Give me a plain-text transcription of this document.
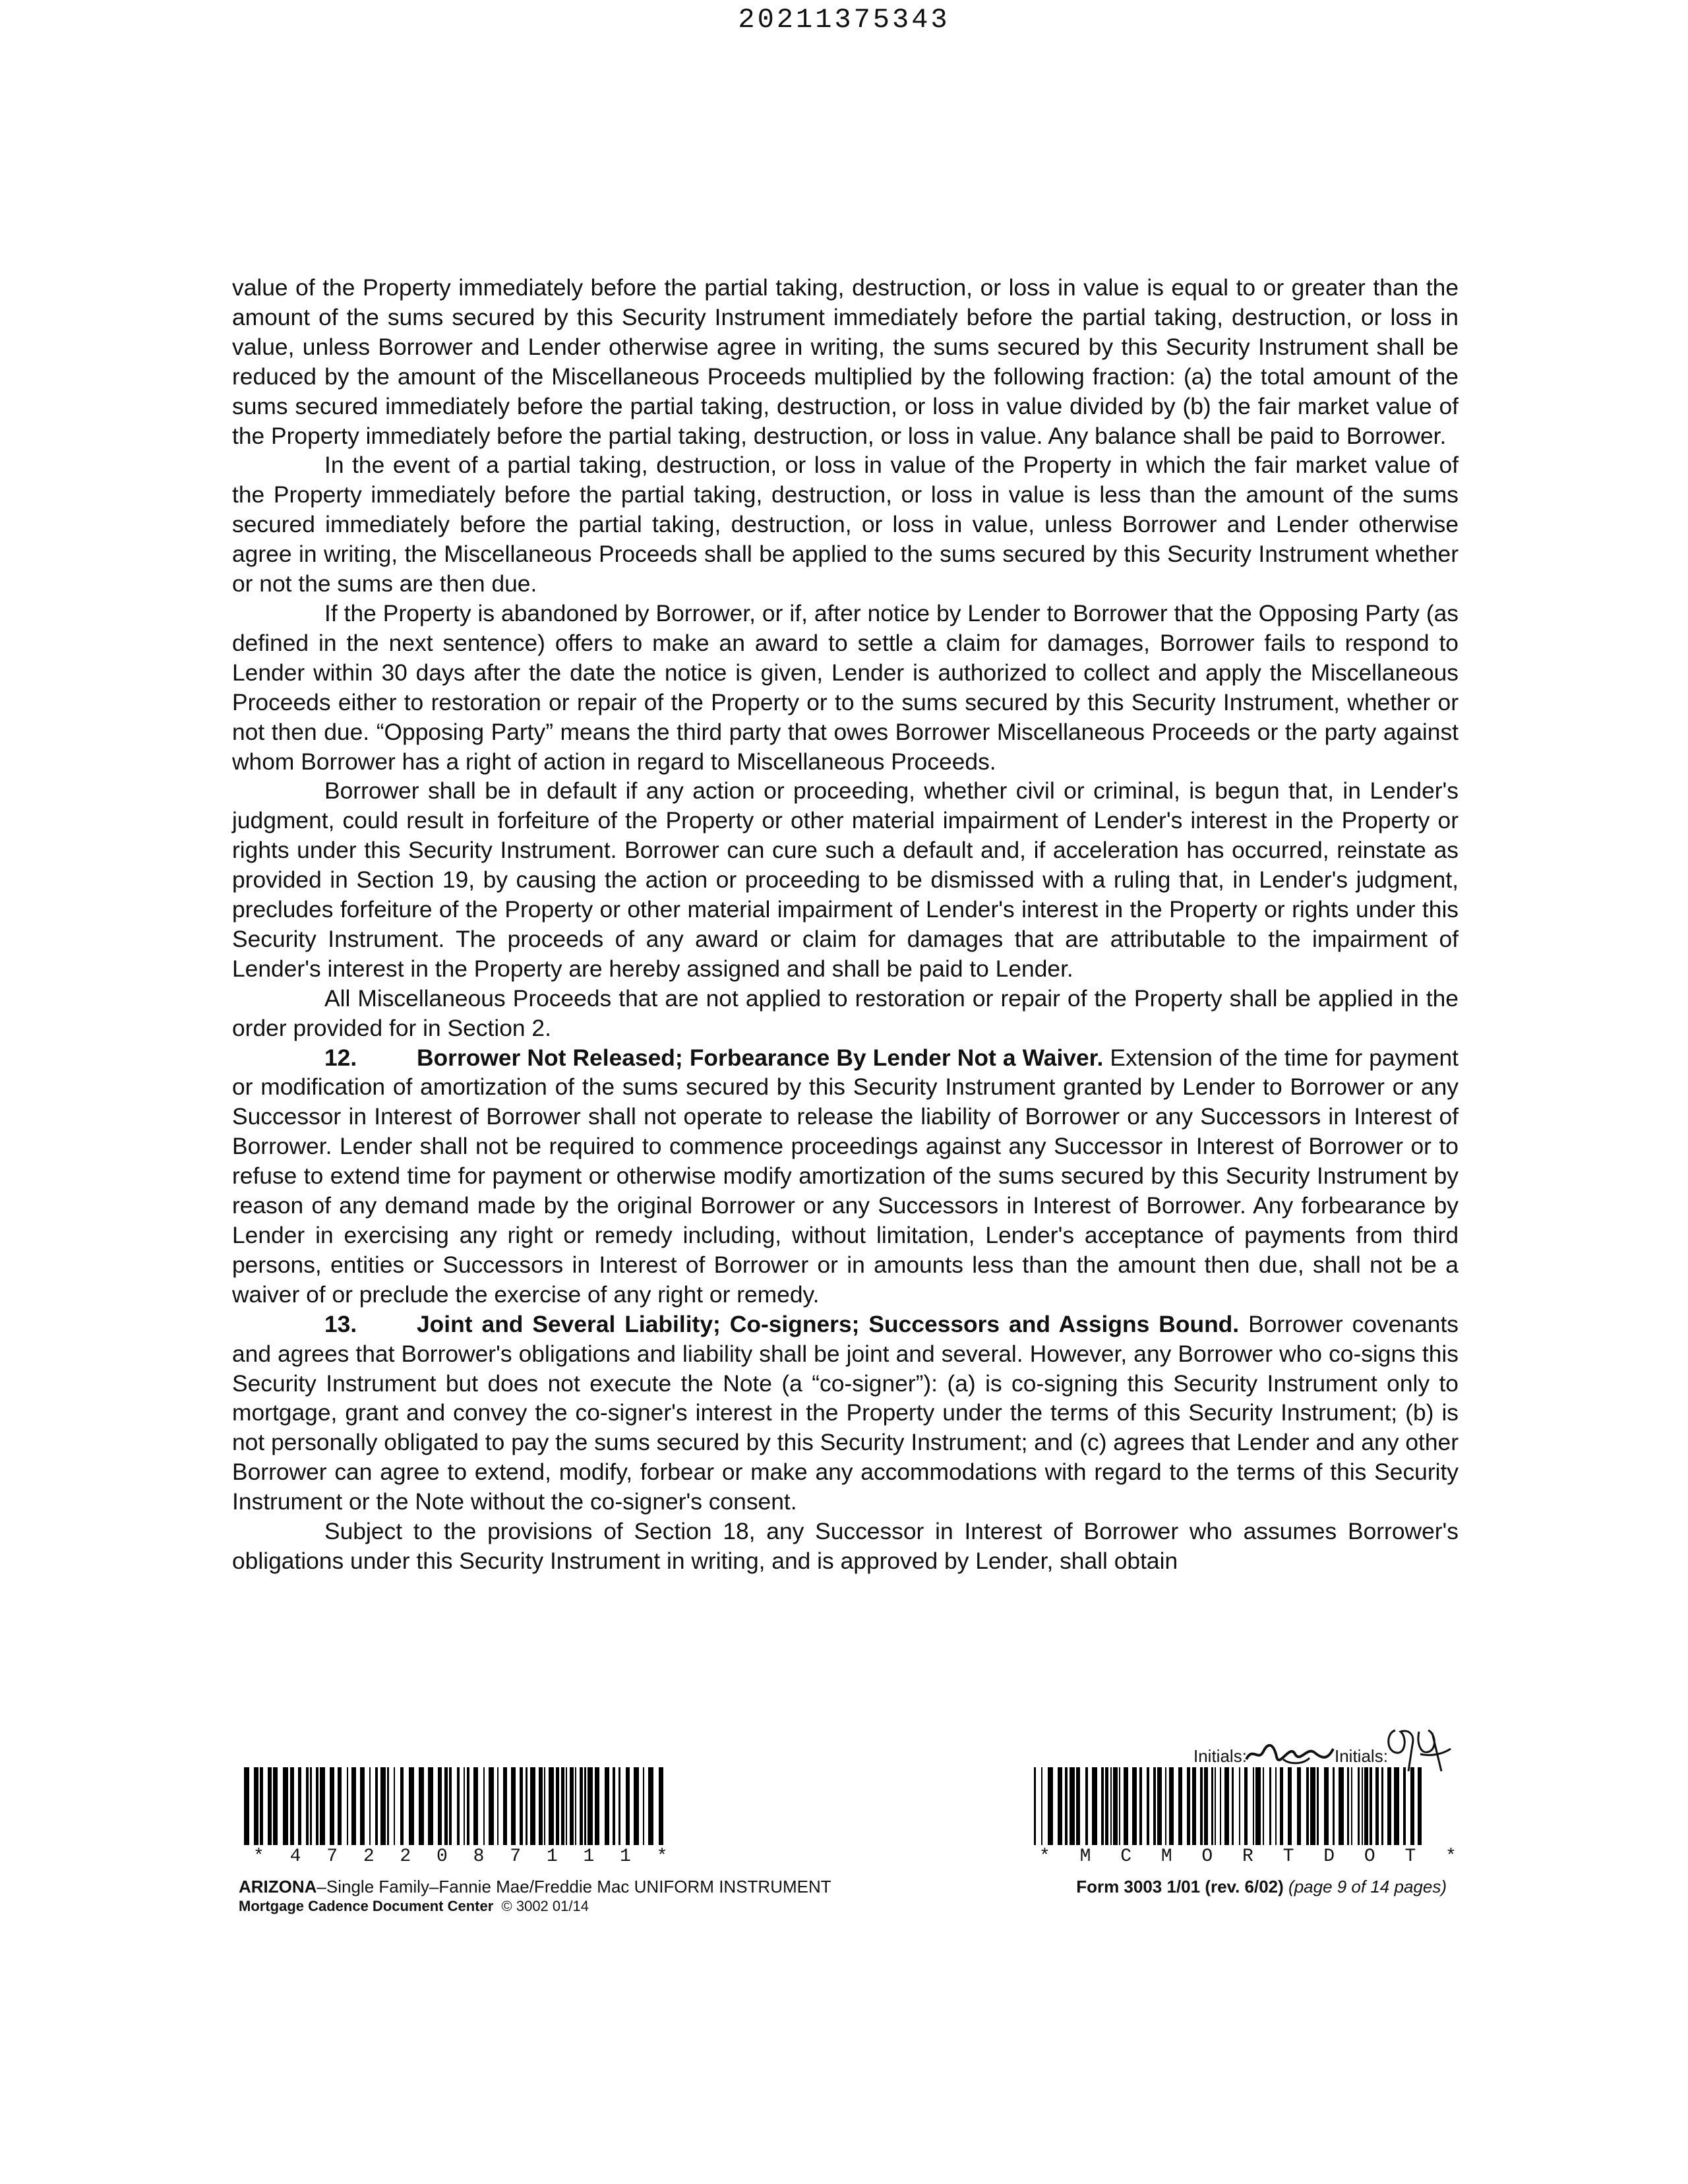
20211375343

value of the Property immediately before the partial taking, destruction, or loss in value is equal to or greater than the amount of the sums secured by this Security Instrument immediately before the partial taking, destruction, or loss in value, unless Borrower and Lender otherwise agree in writing, the sums secured by this Security Instrument shall be reduced by the amount of the Miscellaneous Proceeds multiplied by the following fraction: (a) the total amount of the sums secured immediately before the partial taking, destruction, or loss in value divided by (b) the fair market value of the Property immediately before the partial taking, destruction, or loss in value. Any balance shall be paid to Borrower.

In the event of a partial taking, destruction, or loss in value of the Property in which the fair market value of the Property immediately before the partial taking, destruction, or loss in value is less than the amount of the sums secured immediately before the partial taking, destruction, or loss in value, unless Borrower and Lender otherwise agree in writing, the Miscellaneous Proceeds shall be applied to the sums secured by this Security Instrument whether or not the sums are then due.

If the Property is abandoned by Borrower, or if, after notice by Lender to Borrower that the Opposing Party (as defined in the next sentence) offers to make an award to settle a claim for damages, Borrower fails to respond to Lender within 30 days after the date the notice is given, Lender is authorized to collect and apply the Miscellaneous Proceeds either to restoration or repair of the Property or to the sums secured by this Security Instrument, whether or not then due. “Opposing Party” means the third party that owes Borrower Miscellaneous Proceeds or the party against whom Borrower has a right of action in regard to Miscellaneous Proceeds.

Borrower shall be in default if any action or proceeding, whether civil or criminal, is begun that, in Lender's judgment, could result in forfeiture of the Property or other material impairment of Lender's interest in the Property or rights under this Security Instrument. Borrower can cure such a default and, if acceleration has occurred, reinstate as provided in Section 19, by causing the action or proceeding to be dismissed with a ruling that, in Lender's judgment, precludes forfeiture of the Property or other material impairment of Lender's interest in the Property or rights under this Security Instrument. The proceeds of any award or claim for damages that are attributable to the impairment of Lender's interest in the Property are hereby assigned and shall be paid to Lender.

All Miscellaneous Proceeds that are not applied to restoration or repair of the Property shall be applied in the order provided for in Section 2.

12.	Borrower Not Released; Forbearance By Lender Not a Waiver. Extension of the time for payment or modification of amortization of the sums secured by this Security Instrument granted by Lender to Borrower or any Successor in Interest of Borrower shall not operate to release the liability of Borrower or any Successors in Interest of Borrower. Lender shall not be required to commence proceedings against any Successor in Interest of Borrower or to refuse to extend time for payment or otherwise modify amortization of the sums secured by this Security Instrument by reason of any demand made by the original Borrower or any Successors in Interest of Borrower. Any forbearance by Lender in exercising any right or remedy including, without limitation, Lender's acceptance of payments from third persons, entities or Successors in Interest of Borrower or in amounts less than the amount then due, shall not be a waiver of or preclude the exercise of any right or remedy.

13.	Joint and Several Liability; Co-signers; Successors and Assigns Bound. Borrower covenants and agrees that Borrower's obligations and liability shall be joint and several. However, any Borrower who co-signs this Security Instrument but does not execute the Note (a “co-signer”): (a) is co-signing this Security Instrument only to mortgage, grant and convey the co-signer's interest in the Property under the terms of this Security Instrument; (b) is not personally obligated to pay the sums secured by this Security Instrument; and (c) agrees that Lender and any other Borrower can agree to extend, modify, forbear or make any accommodations with regard to the terms of this Security Instrument or the Note without the co-signer's consent.

Subject to the provisions of Section 18, any Successor in Interest of Borrower who assumes Borrower's obligations under this Security Instrument in writing, and is approved by Lender, shall obtain

Initials:	Initials:
* 4 7 2 2 0 8 7 1 1 1 *	* M C M O R T D O T *
ARIZONA–Single Family–Fannie Mae/Freddie Mac UNIFORM INSTRUMENT
Mortgage Cadence Document Center © 3002 01/14
Form 3003 1/01 (rev. 6/02) (page 9 of 14 pages)
